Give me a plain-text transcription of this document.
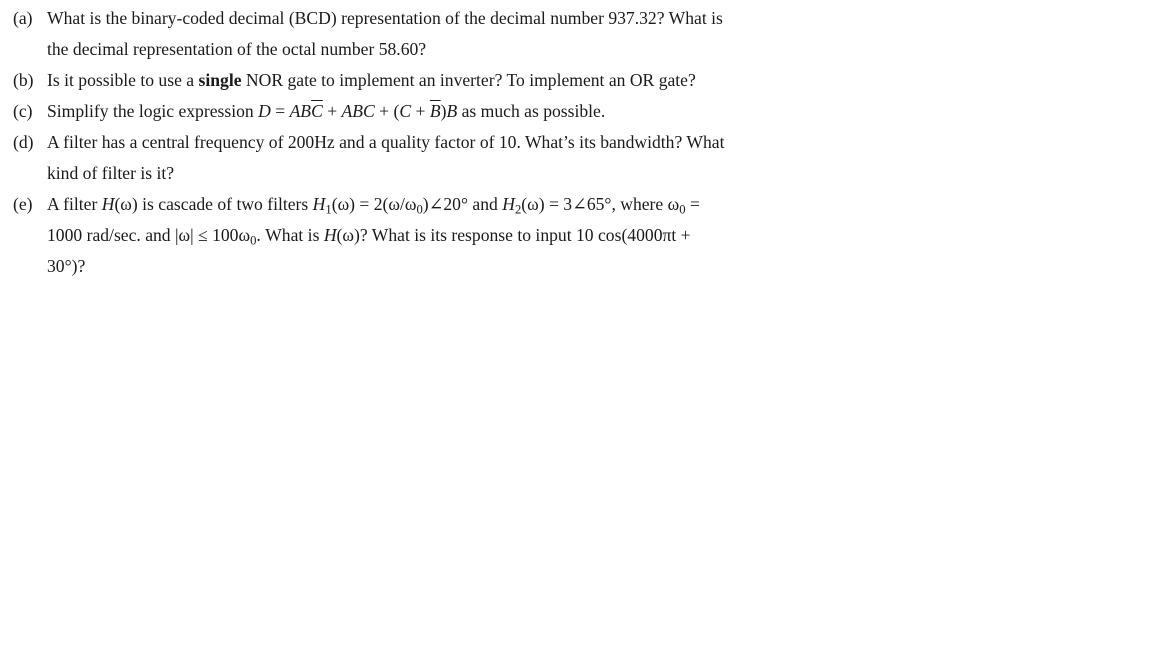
(a) What is the binary-coded decimal (BCD) representation of the decimal number 937.32? What is
the decimal representation of the octal number 58.60?
(b) Is it possible to use a single NOR gate to implement an inverter? To implement an OR gate?
(c) Simplify the logic expression $D = AB\overline{C}$ + ABC + $(C + \overline{B})B$ as much as possible.
(d) A filter has a central frequency of 200Hz and a quality factor of 10. What’s its bandwidth? What
kind of filter is it?
(e) A filter H(ω) is cascade of two filters $H_1(\omega)$ = $2(\omega/\omega_0)\angle 20^\circ$ and $H_2(\omega)$ = 3∠65°, where $\omega_0$ =
1000 rad/sec. and $|\omega| \le 100\omega_0$. What is H(ω)? What is its response to input 10 cos(4000πt +
30°)?
